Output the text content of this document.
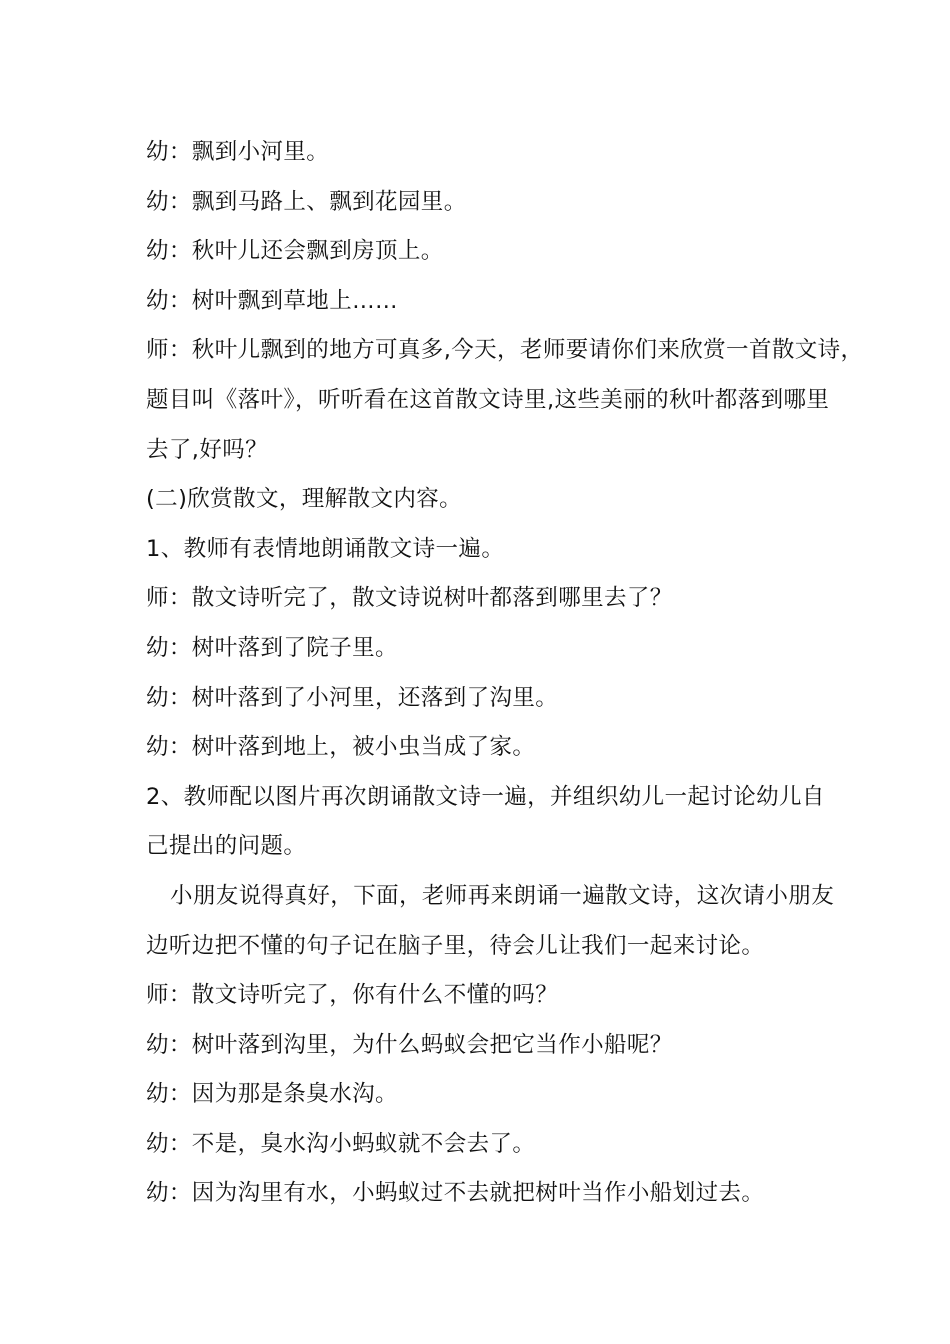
幼：飘到小河里。
幼：飘到马路上、飘到花园里。
幼：秋叶儿还会飘到房顶上。
幼：树叶飘到草地上……
师：秋叶儿飘到的地方可真多,今天，老师要请你们来欣赏一首散文诗，
题目叫《落叶》，听听看在这首散文诗里,这些美丽的秋叶都落到哪里
去了,好吗？
(二)欣赏散文，理解散文内容。
1、教师有表情地朗诵散文诗一遍。
师：散文诗听完了，散文诗说树叶都落到哪里去了？
幼：树叶落到了院子里。
幼：树叶落到了小河里，还落到了沟里。
幼：树叶落到地上，被小虫当成了家。
2、教师配以图片再次朗诵散文诗一遍，并组织幼儿一起讨论幼儿自
己提出的问题。
小朋友说得真好，下面，老师再来朗诵一遍散文诗，这次请小朋友
边听边把不懂的句子记在脑子里，待会儿让我们一起来讨论。
师：散文诗听完了，你有什么不懂的吗？
幼：树叶落到沟里，为什么蚂蚁会把它当作小船呢？
幼：因为那是条臭水沟。
幼：不是，臭水沟小蚂蚁就不会去了。
幼：因为沟里有水，小蚂蚁过不去就把树叶当作小船划过去。
